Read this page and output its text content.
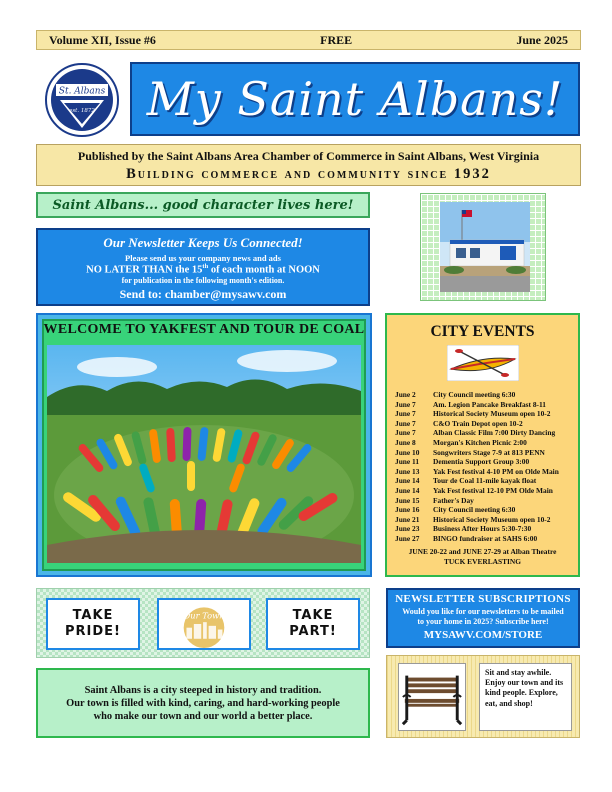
Volume XII, Issue #6	FREE	June 2025
St. Albans
est. 1872 My Saint Albans!
Published by the Saint Albans Area Chamber of Commerce in Saint Albans, West Virginia
Building commerce and community since 1932
Saint Albans... good character lives here!
Our Newsletter Keeps Us Connected!
Please send us your company news and ads
NO LATER THAN the 15th of each month at NOON
for publication in the following month's edition.
Send to: chamber@mysawv.com
WELCOME TO YAKFEST AND TOUR DE COAL	CITY EVENTS
June 2	City Council meeting 6:30
June 7	Am. Legion Pancake Breakfast 8-11
June 7	Historical Society Museum open 10-2
June 7	C&O Train Depot open 10-2
June 7	Alban Classic Film 7:00 Dirty Dancing
June 8	Morgan's Kitchen Picnic 2:00
June 10	Songwriters Stage 7-9 at 813 PENN
June 11	Dementia Support Group 3:00
June 13	Yak Fest festival 4-10 PM on Olde Main
June 14	Tour de Coal 11-mile kayak float
June 14	Yak Fest festival 12-10 PM Olde Main
June 15	Father's Day
June 16	City Council meeting 6:30
June 21	Historical Society Museum open 10-2
June 23	Business After Hours 5:30-7:30
June 27	BINGO fundraiser at SAHS 6:00
JUNE 20-22 and JUNE 27-29 at Alban Theatre
TUCK EVERLASTING
TAKE
PRIDE!
Our Town	TAKE
PART!
Saint Albans is a city steeped in history and tradition.
Our town is filled with kind, caring, and hard-working people
who make our town and our world a better place.
NEWSLETTER SUBSCRIPTIONS
Would you like for our newsletters to be mailed
to your home in 2025? Subscribe here!
MYSAWV.COM/STORE
Sit and stay awhile. Enjoy our town and its kind people. Explore, eat, and shop!
